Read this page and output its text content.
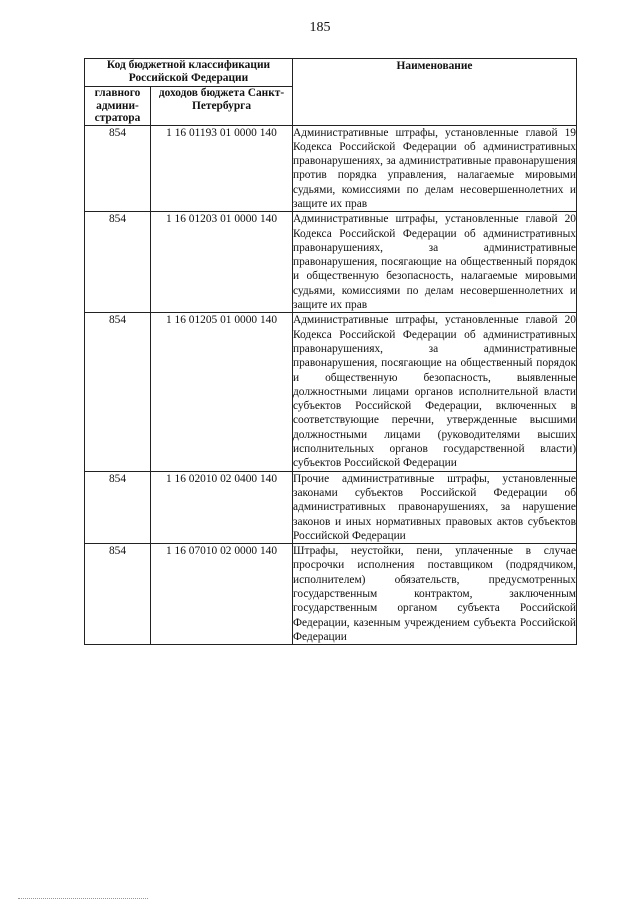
185
Код бюджетной классификации Российской Федерации		Наименование
главного админи-стратора	доходов бюджета Санкт-Петербурга	
854	1 16 01193 01 0000 140	Административные штрафы, установленные главой 19 Кодекса Российской Федерации об административных правонарушениях, за административные правонарушения против порядка управления, налагаемые мировыми судьями, комиссиями по делам несовершеннолетних и защите их прав
854	1 16 01203 01 0000 140	Административные штрафы, установленные главой 20 Кодекса Российской Федерации об административных правонарушениях, за административные правонарушения, посягающие на общественный порядок и общественную безопасность, налагаемые мировыми судьями, комиссиями по делам несовершеннолетних и защите их прав
854	1 16 01205 01 0000 140	Административные штрафы, установленные главой 20 Кодекса Российской Федерации об административных правонарушениях, за административные правонарушения, посягающие на общественный порядок и общественную безопасность, выявленные должностными лицами органов исполнительной власти субъектов Российской Федерации, включенных в соответствующие перечни, утвержденные высшими должностными лицами (руководителями высших исполнительных органов государственной власти) субъектов Российской Федерации
854	1 16 02010 02 0400 140	Прочие административные штрафы, установленные законами субъектов Российской Федерации об административных правонарушениях, за нарушение законов и иных нормативных правовых актов субъектов Российской Федерации
854	1 16 07010 02 0000 140	Штрафы, неустойки, пени, уплаченные в случае просрочки исполнения поставщиком (подрядчиком, исполнителем) обязательств, предусмотренных государственным контрактом, заключенным государственным органом субъекта Российской Федерации, казенным учреждением субъекта Российской Федерации
